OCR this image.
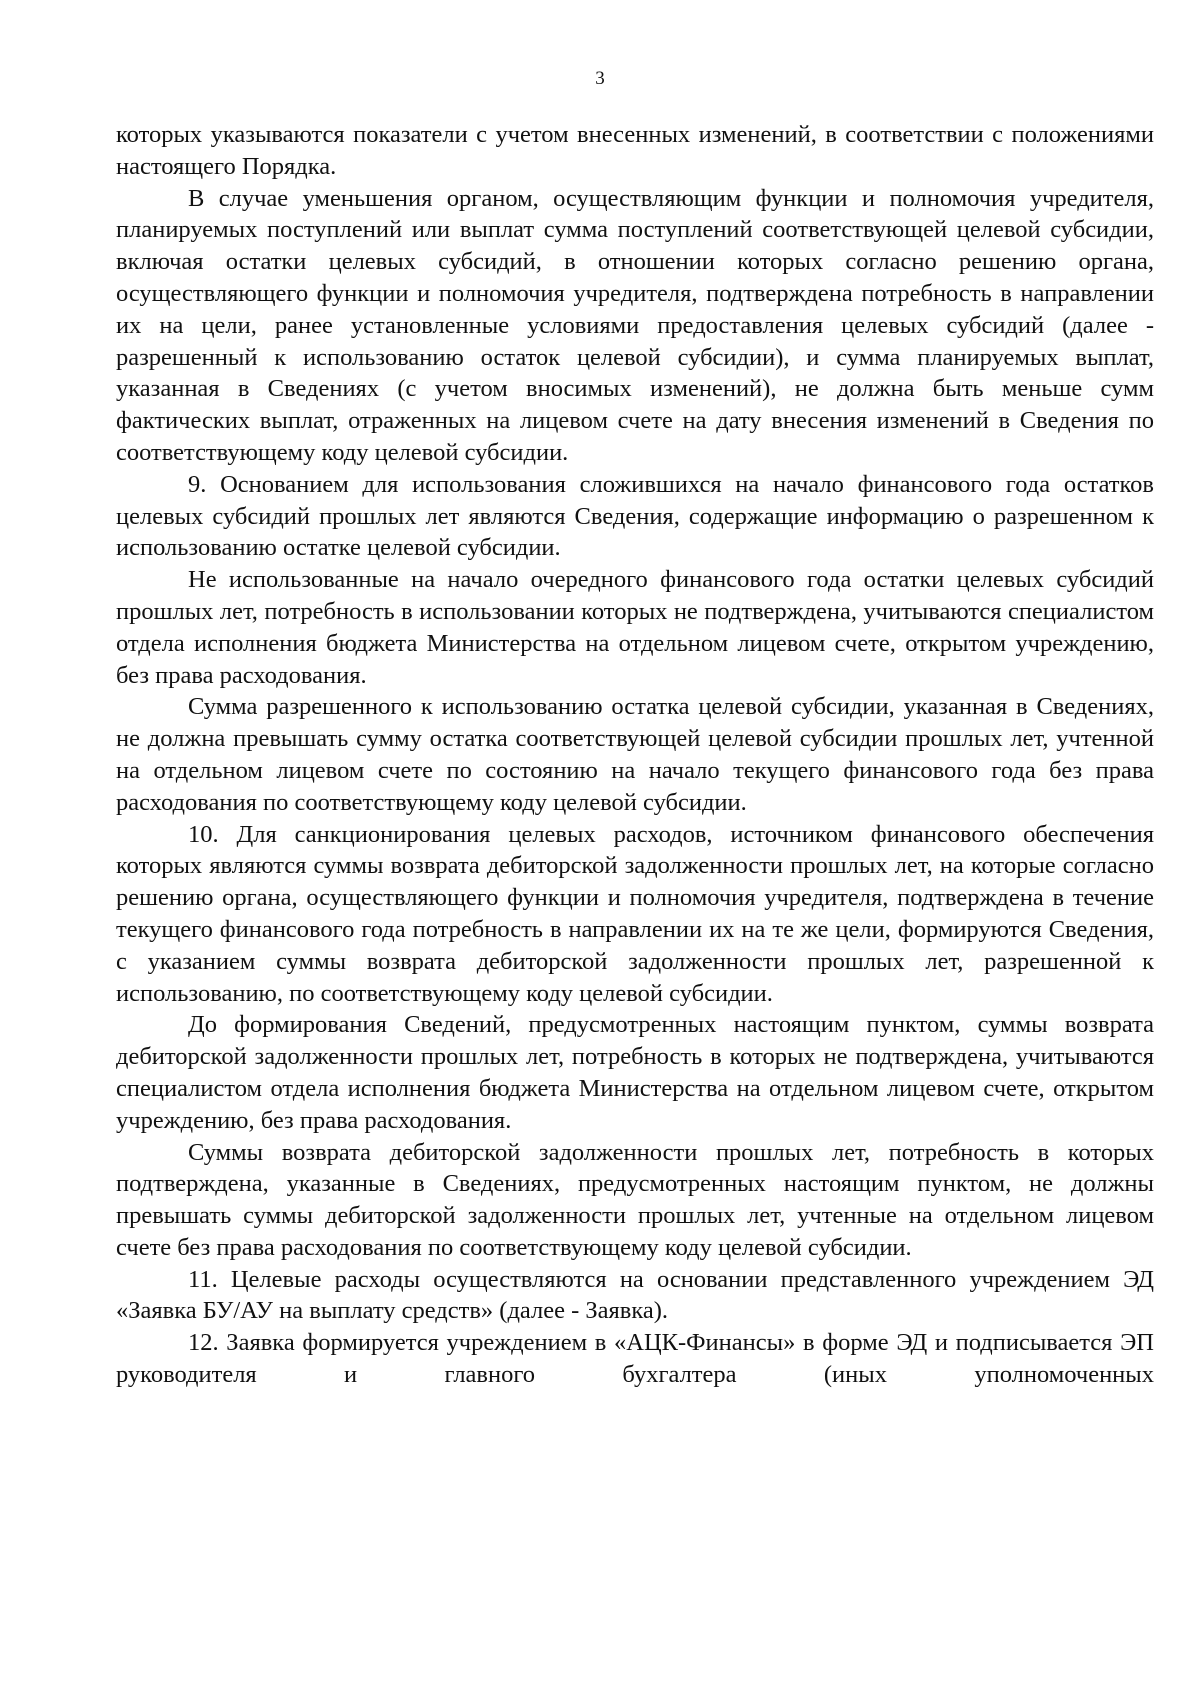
3

которых указываются показатели с учетом внесенных изменений, в соответствии с положениями настоящего Порядка.

В случае уменьшения органом, осуществляющим функции и полномочия учредителя, планируемых поступлений или выплат сумма поступлений соответствующей целевой субсидии, включая остатки целевых субсидий, в отношении которых согласно решению органа, осуществляющего функции и полномочия учредителя, подтверждена потребность в направлении их на цели, ранее установленные условиями предоставления целевых субсидий (далее - разрешенный к использованию остаток целевой субсидии), и сумма планируемых выплат, указанная в Сведениях (с учетом вносимых изменений), не должна быть меньше сумм фактических выплат, отраженных на лицевом счете на дату внесения изменений в Сведения по соответствующему коду целевой субсидии.

9. Основанием для использования сложившихся на начало финансового года остатков целевых субсидий прошлых лет являются Сведения, содержащие информацию о разрешенном к использованию остатке целевой субсидии.

Не использованные на начало очередного финансового года остатки целевых субсидий прошлых лет, потребность в использовании которых не подтверждена, учитываются специалистом отдела исполнения бюджета Министерства на отдельном лицевом счете, открытом учреждению, без права расходования.

Сумма разрешенного к использованию остатка целевой субсидии, указанная в Сведениях, не должна превышать сумму остатка соответствующей целевой субсидии прошлых лет, учтенной на отдельном лицевом счете по состоянию на начало текущего финансового года без права расходования по соответствующему коду целевой субсидии.

10. Для санкционирования целевых расходов, источником финансового обеспечения которых являются суммы возврата дебиторской задолженности прошлых лет, на которые согласно решению органа, осуществляющего функции и полномочия учредителя, подтверждена в течение текущего финансового года потребность в направлении их на те же цели, формируются Сведения, с указанием суммы возврата дебиторской задолженности прошлых лет, разрешенной к использованию, по соответствующему коду целевой субсидии.

До формирования Сведений, предусмотренных настоящим пунктом, суммы возврата дебиторской задолженности прошлых лет, потребность в которых не подтверждена, учитываются специалистом отдела исполнения бюджета Министерства на отдельном лицевом счете, открытом учреждению, без права расходования.

Суммы возврата дебиторской задолженности прошлых лет, потребность в которых подтверждена, указанные в Сведениях, предусмотренных настоящим пунктом, не должны превышать суммы дебиторской задолженности прошлых лет, учтенные на отдельном лицевом счете без права расходования по соответствующему коду целевой субсидии.

11. Целевые расходы осуществляются на основании представленного учреждением ЭД «Заявка БУ/АУ на выплату средств» (далее - Заявка).

12. Заявка формируется учреждением в «АЦК-Финансы» в форме ЭД и подписывается ЭП руководителя и главного бухгалтера (иных уполномоченных
